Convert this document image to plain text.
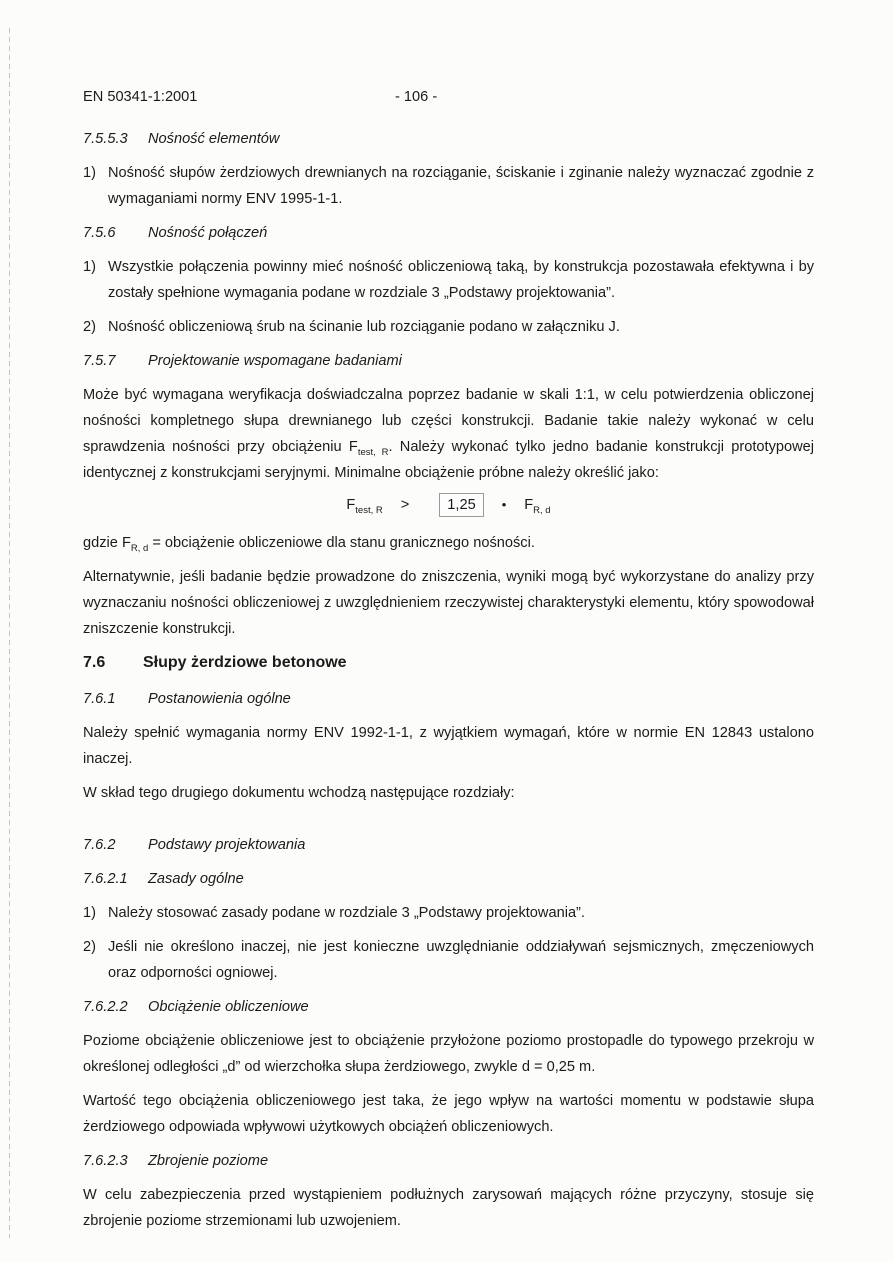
EN 50341-1:2001	- 106 -
7.5.5.3 Nośność elementów
1) Nośność słupów żerdziowych drewnianych na rozciąganie, ściskanie i zginanie należy wyznaczać zgodnie z wymaganiami normy ENV 1995-1-1.
7.5.6 Nośność połączeń
1) Wszystkie połączenia powinny mieć nośność obliczeniową taką, by konstrukcja pozostawała efektywna i by zostały spełnione wymagania podane w rozdziale 3 „Podstawy projektowania”.
2) Nośność obliczeniową śrub na ścinanie lub rozciąganie podano w załączniku J.
7.5.7 Projektowanie wspomagane badaniami

Może być wymagana weryfikacja doświadczalna poprzez badanie w skali 1:1, w celu potwierdzenia obliczonej nośności kompletnego słupa drewnianego lub części konstrukcji. Badanie takie należy wykonać w celu sprawdzenia nośności przy obciążeniu $F_{test, R}$. Należy wykonać tylko jedno badanie konstrukcji prototypowej identycznej z konstrukcjami seryjnymi. Minimalne obciążenie próbne należy określić jako:

$F_{test, R}$ >	1,25	• $F_{R, d}$

gdzie $F_{R, d}$ = obciążenie obliczeniowe dla stanu granicznego nośności.

Alternatywnie, jeśli badanie będzie prowadzone do zniszczenia, wyniki mogą być wykorzystane do analizy przy wyznaczaniu nośności obliczeniowej z uwzględnieniem rzeczywistej charakterystyki elementu, który spowodował zniszczenie konstrukcji.

7.6 Słupy żerdziowe betonowe
7.6.1 Postanowienia ogólne

Należy spełnić wymagania normy ENV 1992-1-1, z wyjątkiem wymagań, które w normie EN 12843 ustalono inaczej.

W skład tego drugiego dokumentu wchodzą następujące rozdziały:

7.6.2 Podstawy projektowania
7.6.2.1 Zasady ogólne
1) Należy stosować zasady podane w rozdziale 3 „Podstawy projektowania”.
2) Jeśli nie określono inaczej, nie jest konieczne uwzględnianie oddziaływań sejsmicznych, zmęczeniowych oraz odporności ogniowej.
7.6.2.2 Obciążenie obliczeniowe

Poziome obciążenie obliczeniowe jest to obciążenie przyłożone poziomo prostopadle do typowego przekroju w określonej odległości „d” od wierzchołka słupa żerdziowego, zwykle d = 0,25 m.

Wartość tego obciążenia obliczeniowego jest taka, że jego wpływ na wartości momentu w podstawie słupa żerdziowego odpowiada wpływowi użytkowych obciążeń obliczeniowych.

7.6.2.3 Zbrojenie poziome

W celu zabezpieczenia przed wystąpieniem podłużnych zarysowań mających różne przyczyny, stosuje się zbrojenie poziome strzemionami lub uzwojeniem.
